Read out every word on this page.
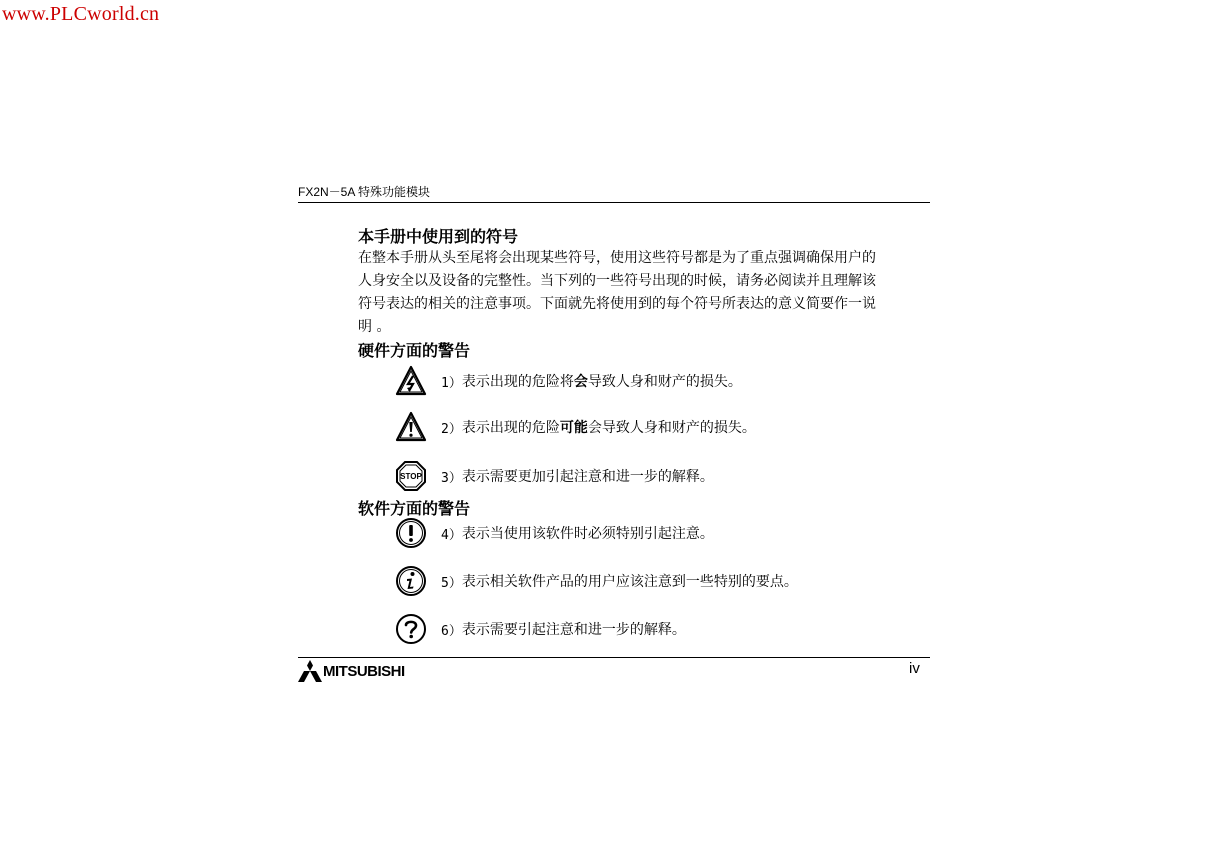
www.PLCworld.cn
FX2N－5A 特殊功能模块
本手册中使用到的符号
在整本手册从头至尾将会出现某些符号，使用这些符号都是为了重点强调确保用户的
人身安全以及设备的完整性。当下列的一些符号出现的时候，请务必阅读并且理解该
符号表达的相关的注意事项。下面就先将使用到的每个符号所表达的意义简要作一说
明 。
硬件方面的警告
1） 表示出现的危险将会导致人身和财产的损失。
2） 表示出现的危险可能会导致人身和财产的损失。
STOP 3） 表示需要更加引起注意和进一步的解释。
软件方面的警告
4） 表示当使用该软件时必须特别引起注意。
5） 表示相关软件产品的用户应该注意到一些特别的要点。
6） 表示需要引起注意和进一步的解释。
MITSUBISHI	iv
